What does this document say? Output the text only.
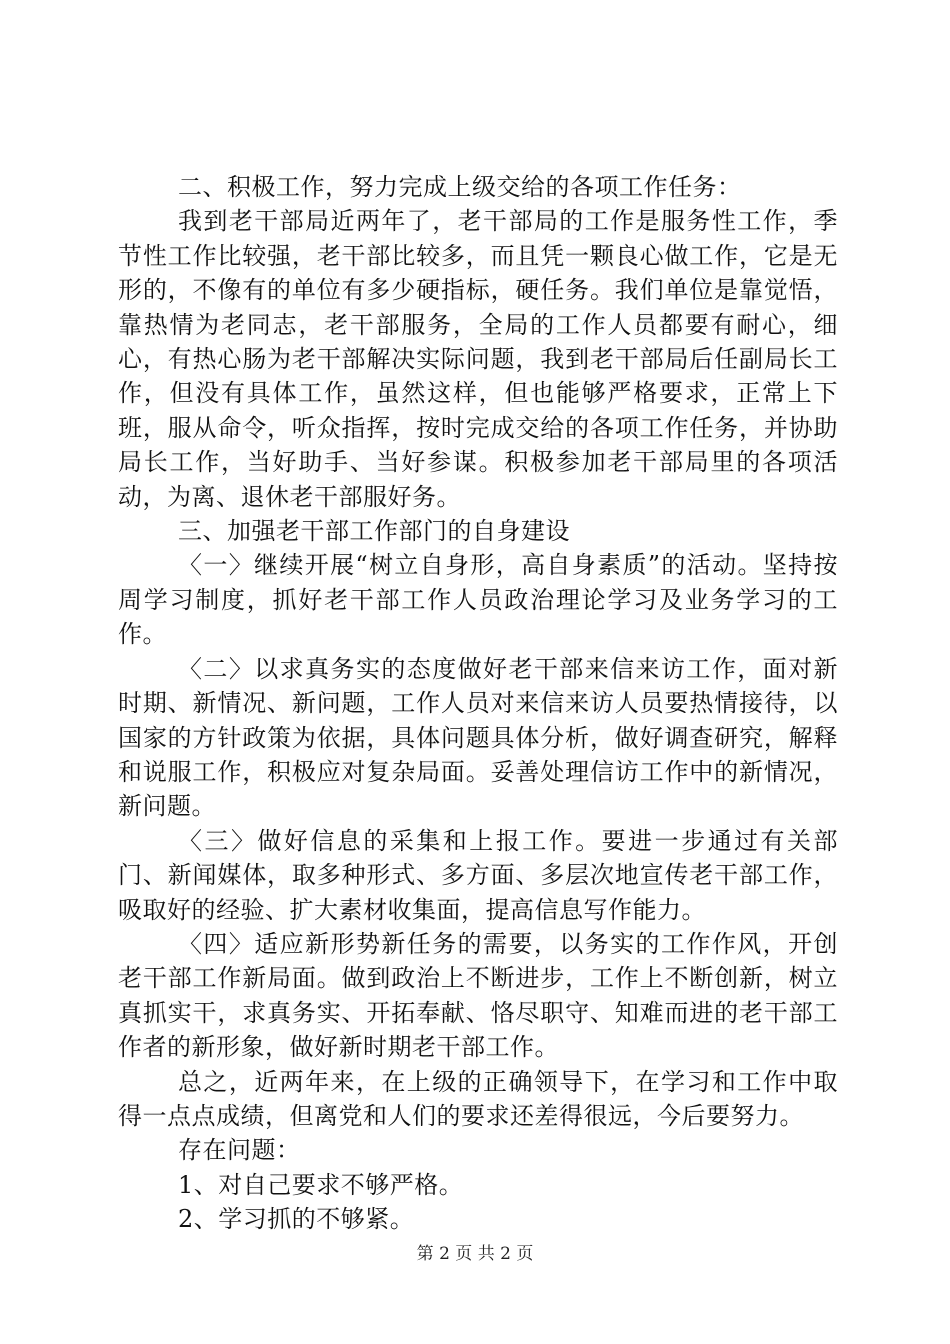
二、积极工作，努力完成上级交给的各项工作任务：

我到老干部局近两年了，老干部局的工作是服务性工作，季节性工作比较强，老干部比较多，而且凭一颗良心做工作，它是无形的，不像有的单位有多少硬指标，硬任务。我们单位是靠觉悟，靠热情为老同志，老干部服务，全局的工作人员都要有耐心，细心，有热心肠为老干部解决实际问题，我到老干部局后任副局长工作，但没有具体工作，虽然这样，但也能够严格要求，正常上下班，服从命令，听众指挥，按时完成交给的各项工作任务，并协助局长工作，当好助手、当好参谋。积极参加老干部局里的各项活动，为离、退休老干部服好务。

三、加强老干部工作部门的自身建设

〈一〉继续开展“树立自身形，高自身素质”的活动。坚持按周学习制度，抓好老干部工作人员政治理论学习及业务学习的工作。

〈二〉以求真务实的态度做好老干部来信来访工作，面对新时期、新情况、新问题，工作人员对来信来访人员要热情接待，以国家的方针政策为依据，具体问题具体分析，做好调查研究，解释和说服工作，积极应对复杂局面。妥善处理信访工作中的新情况，新问题。

〈三〉做好信息的采集和上报工作。要进一步通过有关部门、新闻媒体，取多种形式、多方面、多层次地宣传老干部工作，吸取好的经验、扩大素材收集面，提高信息写作能力。

〈四〉适应新形势新任务的需要，以务实的工作作风，开创老干部工作新局面。做到政治上不断进步，工作上不断创新，树立真抓实干，求真务实、开拓奉献、恪尽职守、知难而进的老干部工作者的新形象，做好新时期老干部工作。

总之，近两年来，在上级的正确领导下，在学习和工作中取得一点点成绩，但离党和人们的要求还差得很远，今后要努力。

存在问题：

1、对自己要求不够严格。

2、学习抓的不够紧。

第 2 页 共 2 页
